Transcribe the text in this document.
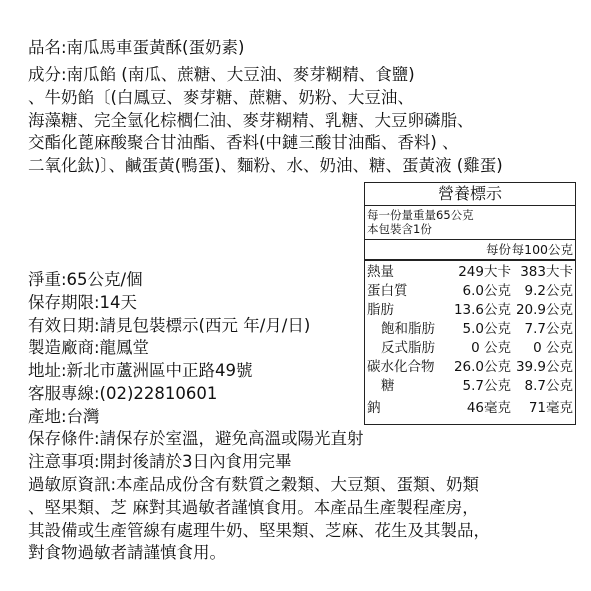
品名:南瓜馬車蛋黃酥(蛋奶素)
成分:南瓜餡 (南瓜、蔗糖、大豆油、麥芽糊精、食鹽)
、牛奶餡〔(白鳳豆、麥芽糖、蔗糖、奶粉、大豆油、
海藻糖、完全氫化棕櫚仁油、麥芽糊精、乳糖、大豆卵磷脂、
交酯化蓖麻酸聚合甘油酯、香料(中鏈三酸甘油酯、香料) 、
二氧化鈦)〕、鹹蛋黃(鴨蛋)、麵粉、水、奶油、糖、蛋黃液 (雞蛋)
淨重:65公克/個
保存期限:14天
有效日期:請見包裝標示(西元 年/月/日)
製造廠商:龍鳳堂
地址:新北市蘆洲區中正路49號
客服專線:(02)22810601
產地:台灣
保存條件:請保存於室溫，避免高溫或陽光直射
注意事項:開封後請於3日內食用完畢
過敏原資訊:本產品成份含有麩質之穀類、大豆類、蛋類、奶類
、堅果類、芝 麻對其過敏者謹慎食用。本產品生產製程產房，
其設備或生產管線有處理牛奶、堅果類、芝麻、花生及其製品，
對食物過敏者請謹慎食用。
營養標示
每一份量重量65公克
本包裝含1份
每份 每100公克
熱量	249大卡 383大卡
蛋白質	6.0公克 9.2公克
脂肪	13.6公克 20.9公克
飽和脂肪 5.0公克 7.7公克
反式脂肪	0 公克 0 公克
碳水化合物 26.0公克 39.9公克
糖	5.7公克 8.7公克
鈉	46毫克 71毫克
